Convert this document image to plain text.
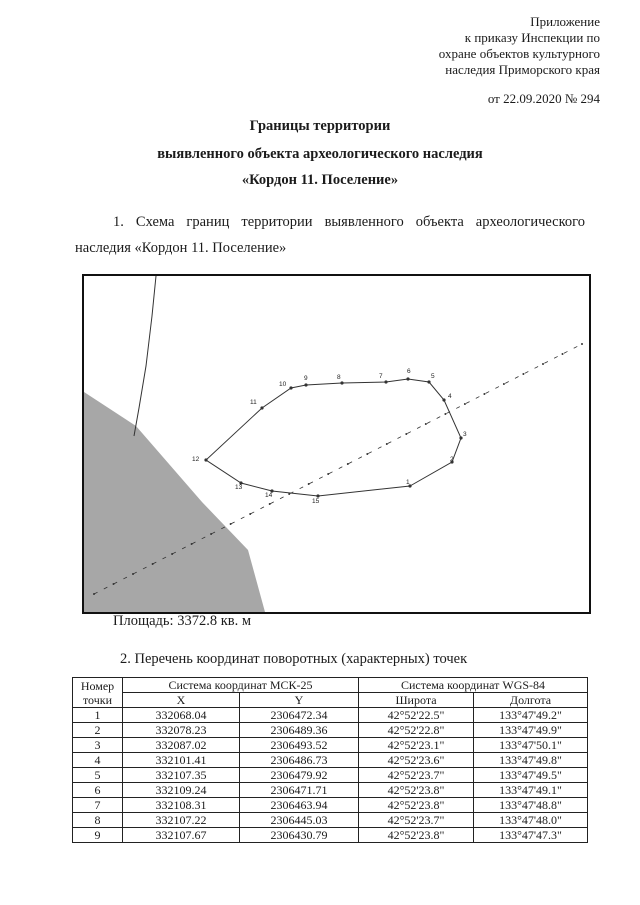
Приложение
к приказу Инспекции по
охране объектов культурного
наследия Приморского края
от 22.09.2020 № 294
Границы территории
выявленного объекта археологического наследия
«Кордон 11. Поселение»
1. Схема границ территории выявленного объекта археологического
наследия «Кордон 11. Поселение»
1
2
3
4
5
6
7
8
9
10
11
12
13
14
15
Площадь: 3372.8 кв. м
2. Перечень координат поворотных (характерных) точек
Номер точки	Система координат МСК-25		Система координат WGS-84	
	X	Y	Широта	Долгота
1	332068.04	2306472.34	42°52'22.5"	133°47'49.2"
2	332078.23	2306489.36	42°52'22.8"	133°47'49.9"
3	332087.02	2306493.52	42°52'23.1"	133°47'50.1"
4	332101.41	2306486.73	42°52'23.6"	133°47'49.8"
5	332107.35	2306479.92	42°52'23.7"	133°47'49.5"
6	332109.24	2306471.71	42°52'23.8"	133°47'49.1"
7	332108.31	2306463.94	42°52'23.8"	133°47'48.8"
8	332107.22	2306445.03	42°52'23.7"	133°47'48.0"
9	332107.67	2306430.79	42°52'23.8"	133°47'47.3"
